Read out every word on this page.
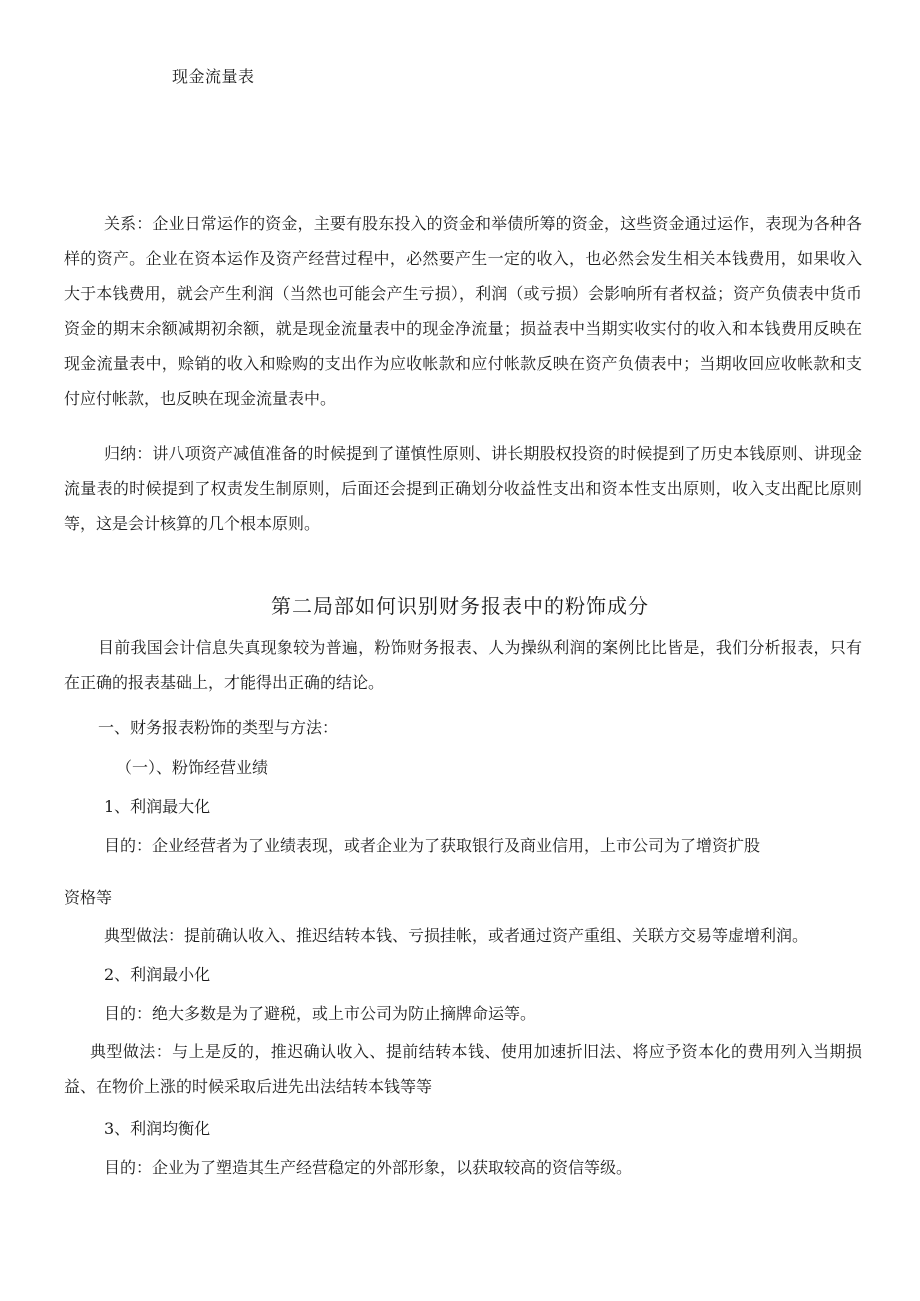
现金流量表

关系：企业日常运作的资金，主要有股东投入的资金和举债所筹的资金，这些资金通过运作，表现为各种各样的资产。企业在资本运作及资产经营过程中，必然要产生一定的收入，也必然会发生相关本钱费用，如果收入大于本钱费用，就会产生利润（当然也可能会产生亏损），利润（或亏损）会影响所有者权益；资产负债表中货币资金的期末余额减期初余额，就是现金流量表中的现金净流量；损益表中当期实收实付的收入和本钱费用反映在现金流量表中，赊销的收入和赊购的支出作为应收帐款和应付帐款反映在资产负债表中；当期收回应收帐款和支付应付帐款，也反映在现金流量表中。

归纳：讲八项资产减值准备的时候提到了谨慎性原则、讲长期股权投资的时候提到了历史本钱原则、讲现金流量表的时候提到了权责发生制原则，后面还会提到正确划分收益性支出和资本性支出原则，收入支出配比原则等，这是会计核算的几个根本原则。

第二局部如何识别财务报表中的粉饰成分

目前我国会计信息失真现象较为普遍，粉饰财务报表、人为操纵利润的案例比比皆是，我们分析报表，只有在正确的报表基础上，才能得出正确的结论。

一、财务报表粉饰的类型与方法：

（一）、粉饰经营业绩

1、利润最大化

目的：企业经营者为了业绩表现，或者企业为了获取银行及商业信用，上市公司为了增资扩股

资格等

典型做法：提前确认收入、推迟结转本钱、亏损挂帐，或者通过资产重组、关联方交易等虚增利润。

2、利润最小化

目的：绝大多数是为了避税，或上市公司为防止摘牌命运等。

典型做法：与上是反的，推迟确认收入、提前结转本钱、使用加速折旧法、将应予资本化的费用列入当期损益、在物价上涨的时候采取后进先出法结转本钱等等

3、利润均衡化

目的：企业为了塑造其生产经营稳定的外部形象，以获取较高的资信等级。
